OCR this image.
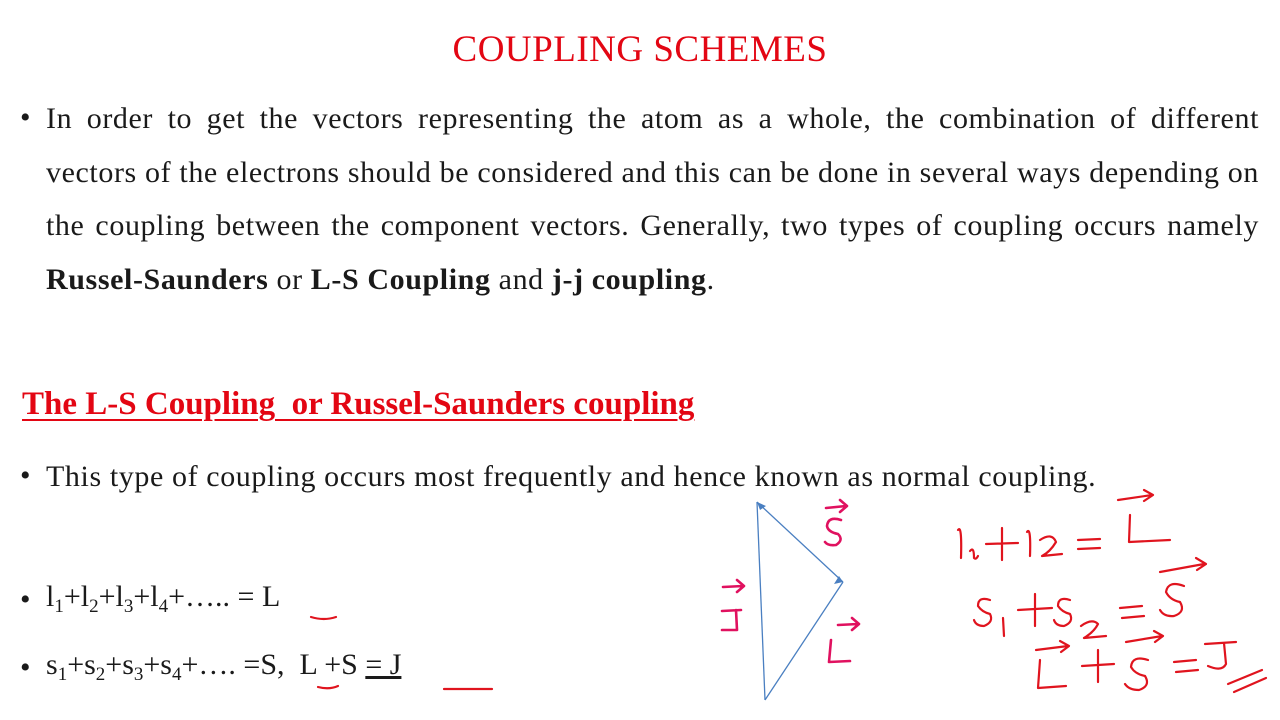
COUPLING SCHEMES
• In order to get the vectors representing the atom as a whole, the combination of different vectors of the electrons should be considered and this can be done in several ways depending on the coupling between the component vectors. Generally, two types of coupling occurs namely Russel-Saunders or L-S Coupling and j-j coupling.
The L-S Coupling  or Russel-Saunders coupling
• This type of coupling occurs most frequently and hence known as normal coupling.
• $l_1+l_2+l_3+l_4+\dots$.. = L
• $s_1+s_2+s_3+s_4+\dots$. =S,  L +S = J
